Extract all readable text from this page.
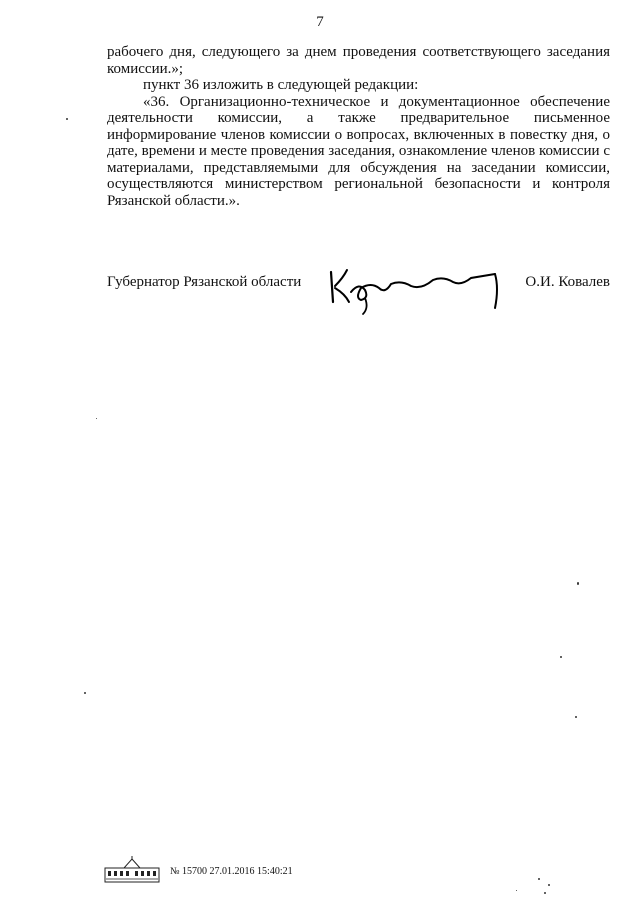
7

рабочего дня, следующего за днем проведения соответствующего заседания комиссии.»;

пункт 36 изложить в следующей редакции:

«36. Организационно-техническое и документационное обеспечение деятельности комиссии, а также предварительное письменное информирование членов комиссии о вопросах, включенных в повестку дня, о дате, времени и месте проведения заседания, ознакомление членов комиссии с материалами, представляемыми для обсуждения на заседании комиссии, осуществляются министерством региональной безопасности и контроля Рязанской области.».

Губернатор Рязанской области	О.И. Ковалев
№ 15700 27.01.2016 15:40:21
